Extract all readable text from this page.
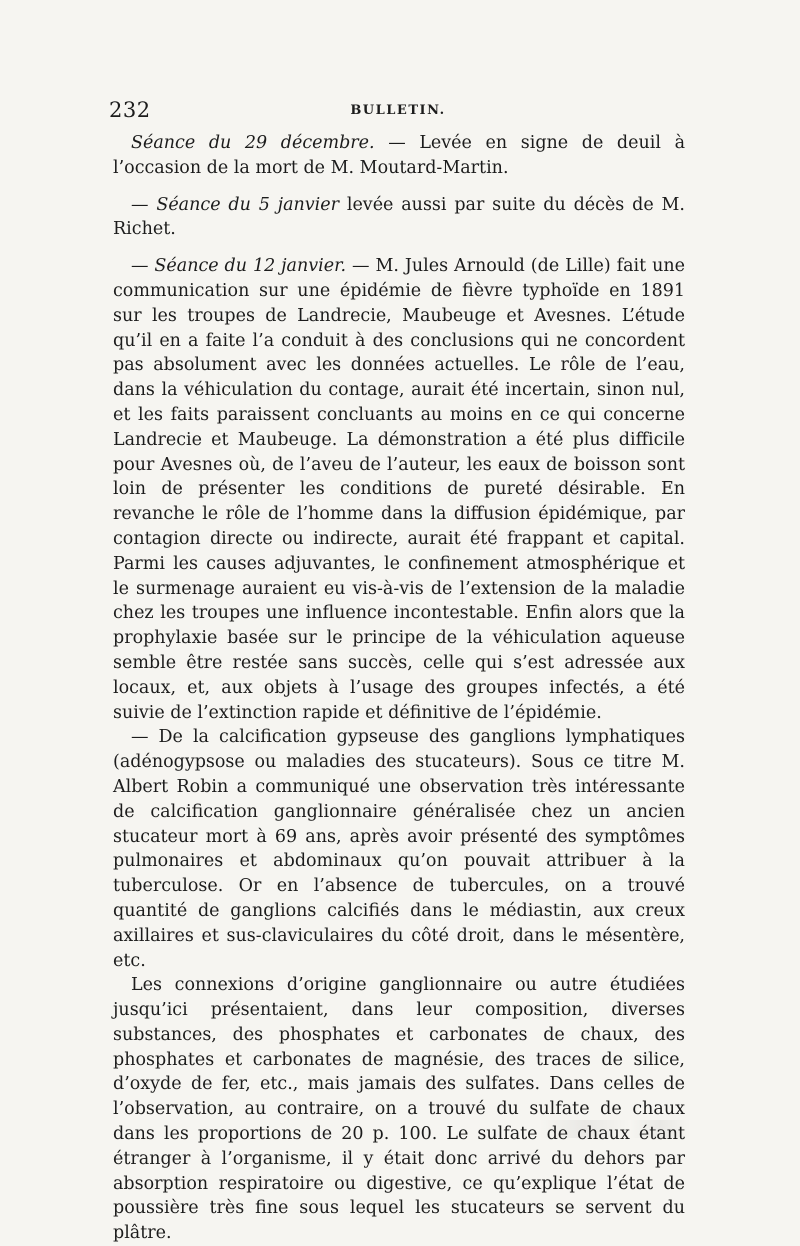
232	BULLETIN.

Séance du 29 décembre. — Levée en signe de deuil à l’occasion de la mort de M. Moutard-Martin.

— Séance du 5 janvier levée aussi par suite du décès de M. Richet.

— Séance du 12 janvier. — M. Jules Arnould (de Lille) fait une communication sur une épidémie de fièvre typhoïde en 1891 sur les troupes de Landrecie, Maubeuge et Avesnes. L’étude qu’il en a faite l’a conduit à des conclusions qui ne concordent pas absolument avec les données actuelles. Le rôle de l’eau, dans la véhiculation du contage, aurait été incertain, sinon nul, et les faits paraissent concluants au moins en ce qui concerne Landrecie et Maubeuge. La démonstration a été plus difficile pour Avesnes où, de l’aveu de l’auteur, les eaux de boisson sont loin de présenter les conditions de pureté désirable. En revanche le rôle de l’homme dans la diffusion épidémique, par contagion directe ou indirecte, aurait été frappant et capital. Parmi les causes adjuvantes, le confinement atmosphérique et le surmenage auraient eu vis-à-vis de l’extension de la maladie chez les troupes une influence incontestable. Enfin alors que la prophylaxie basée sur le principe de la véhiculation aqueuse semble être restée sans succès, celle qui s’est adressée aux locaux, et, aux objets à l’usage des groupes infectés, a été suivie de l’extinction rapide et définitive de l’épidémie.

— De la calcification gypseuse des ganglions lymphatiques (adénogypsose ou maladies des stucateurs). Sous ce titre M. Albert Robin a communiqué une observation très intéressante de calcification ganglionnaire généralisée chez un ancien stucateur mort à 69 ans, après avoir présenté des symptômes pulmonaires et abdominaux qu’on pouvait attribuer à la tuberculose. Or en l’absence de tubercules, on a trouvé quantité de ganglions calcifiés dans le médiastin, aux creux axillaires et sus-claviculaires du côté droit, dans le mésentère, etc.

Les connexions d’origine ganglionnaire ou autre étudiées jusqu’ici présentaient, dans leur composition, diverses substances, des phosphates et carbonates de chaux, des phosphates et carbonates de magnésie, des traces de silice, d’oxyde de fer, etc., mais jamais des sulfates. Dans celles de l’observation, au contraire, on a trouvé du sulfate de chaux dans les proportions de 20 p. 100. Le sulfate de chaux étant étranger à l’organisme, il y était donc arrivé du dehors par absorption respiratoire ou digestive, ce qu’explique l’état de poussière très fine sous lequel les stucateurs se servent du plâtre.
